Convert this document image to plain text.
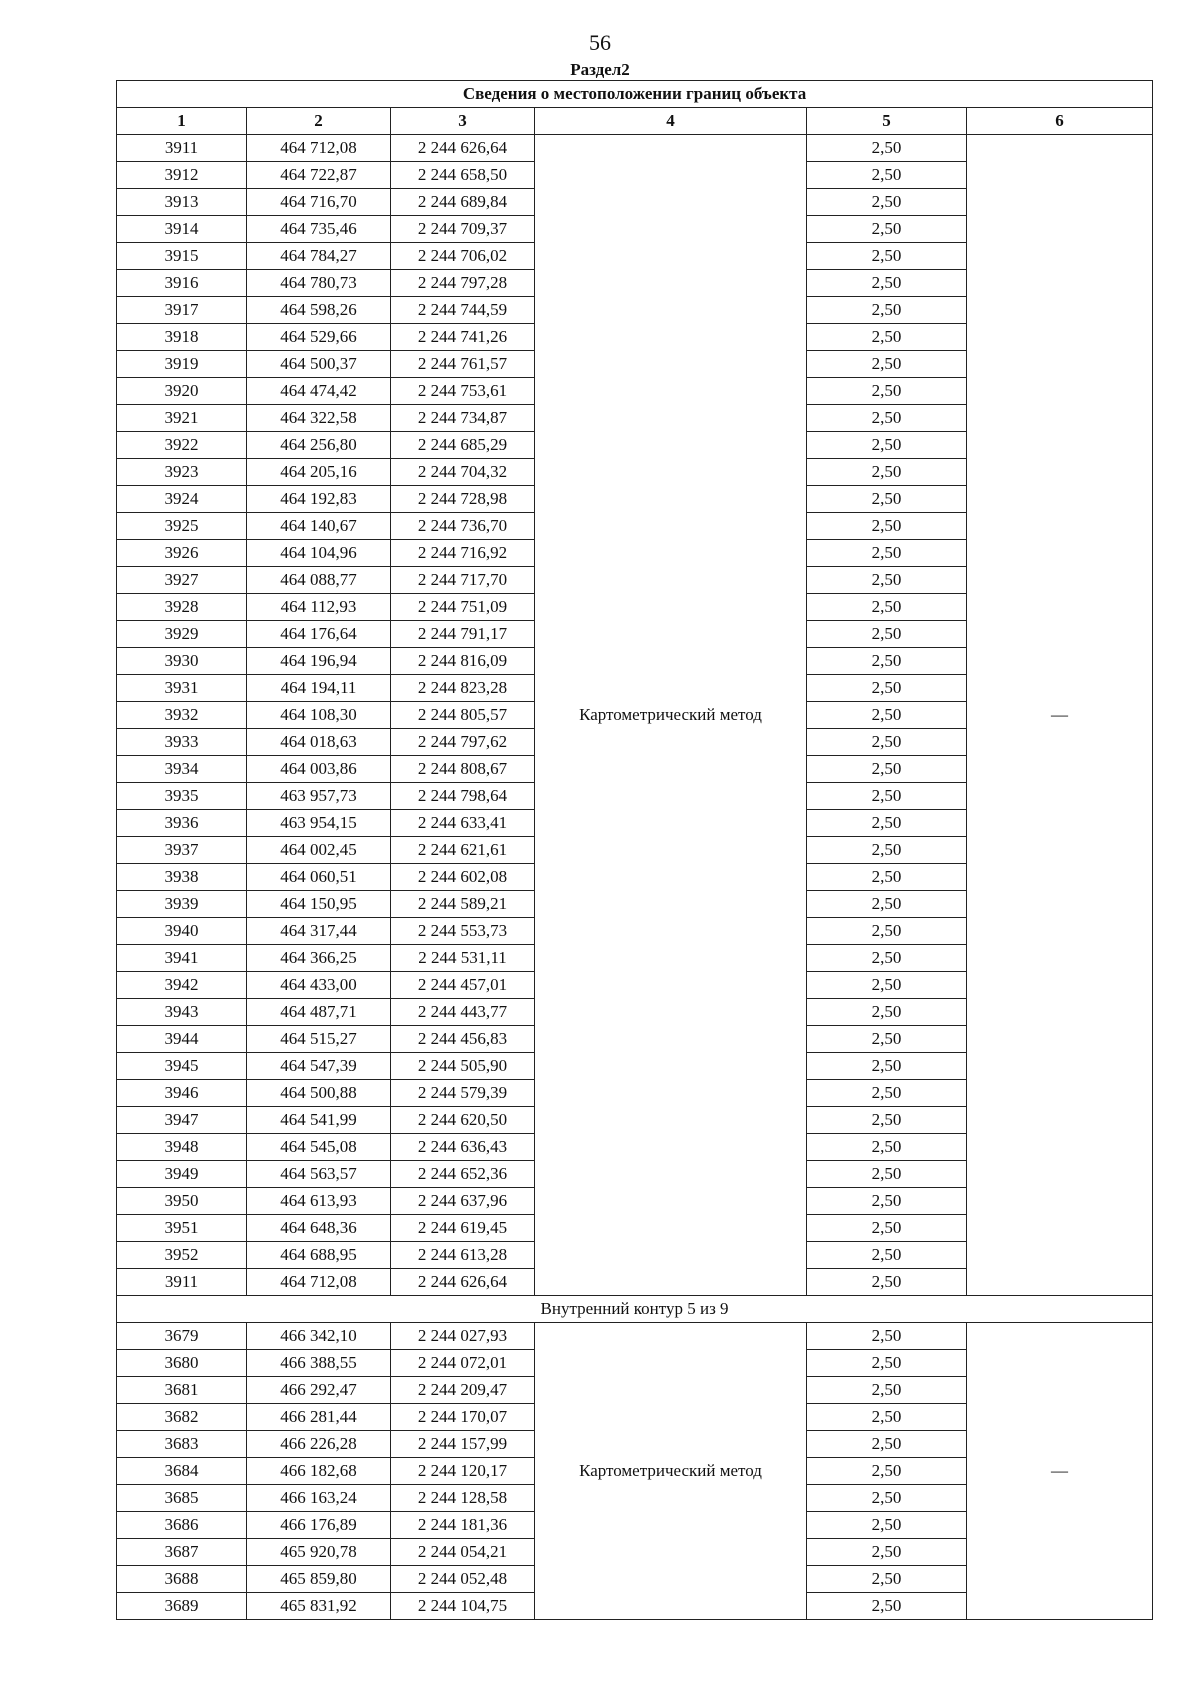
56
Раздел2
Сведения о местоположении границ объекта					
1	2	3	4	5	6
3911	464 712,08	2 244 626,64	Картометрический метод	2,50	—
3912	464 722,87	2 244 658,50		2,50	
3913	464 716,70	2 244 689,84		2,50	
3914	464 735,46	2 244 709,37		2,50	
3915	464 784,27	2 244 706,02		2,50	
3916	464 780,73	2 244 797,28		2,50	
3917	464 598,26	2 244 744,59		2,50	
3918	464 529,66	2 244 741,26		2,50	
3919	464 500,37	2 244 761,57		2,50	
3920	464 474,42	2 244 753,61		2,50	
3921	464 322,58	2 244 734,87		2,50	
3922	464 256,80	2 244 685,29		2,50	
3923	464 205,16	2 244 704,32		2,50	
3924	464 192,83	2 244 728,98		2,50	
3925	464 140,67	2 244 736,70		2,50	
3926	464 104,96	2 244 716,92		2,50	
3927	464 088,77	2 244 717,70		2,50	
3928	464 112,93	2 244 751,09		2,50	
3929	464 176,64	2 244 791,17		2,50	
3930	464 196,94	2 244 816,09		2,50	
3931	464 194,11	2 244 823,28		2,50	
3932	464 108,30	2 244 805,57		2,50	
3933	464 018,63	2 244 797,62		2,50	
3934	464 003,86	2 244 808,67		2,50	
3935	463 957,73	2 244 798,64		2,50	
3936	463 954,15	2 244 633,41		2,50	
3937	464 002,45	2 244 621,61		2,50	
3938	464 060,51	2 244 602,08		2,50	
3939	464 150,95	2 244 589,21		2,50	
3940	464 317,44	2 244 553,73		2,50	
3941	464 366,25	2 244 531,11		2,50	
3942	464 433,00	2 244 457,01		2,50	
3943	464 487,71	2 244 443,77		2,50	
3944	464 515,27	2 244 456,83		2,50	
3945	464 547,39	2 244 505,90		2,50	
3946	464 500,88	2 244 579,39		2,50	
3947	464 541,99	2 244 620,50		2,50	
3948	464 545,08	2 244 636,43		2,50	
3949	464 563,57	2 244 652,36		2,50	
3950	464 613,93	2 244 637,96		2,50	
3951	464 648,36	2 244 619,45		2,50	
3952	464 688,95	2 244 613,28		2,50	
3911	464 712,08	2 244 626,64		2,50	
Внутренний контур 5 из 9					
3679	466 342,10	2 244 027,93	Картометрический метод	2,50	—
3680	466 388,55	2 244 072,01		2,50	
3681	466 292,47	2 244 209,47		2,50	
3682	466 281,44	2 244 170,07		2,50	
3683	466 226,28	2 244 157,99		2,50	
3684	466 182,68	2 244 120,17		2,50	
3685	466 163,24	2 244 128,58		2,50	
3686	466 176,89	2 244 181,36		2,50	
3687	465 920,78	2 244 054,21		2,50	
3688	465 859,80	2 244 052,48		2,50	
3689	465 831,92	2 244 104,75		2,50	
